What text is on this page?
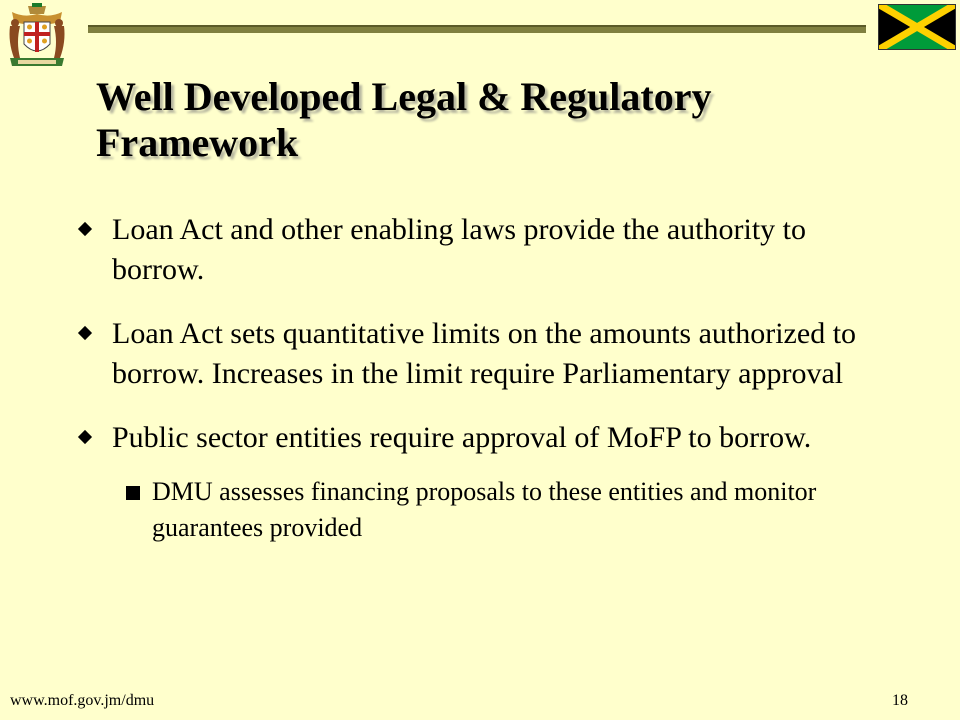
Well Developed Legal & Regulatory Framework
Loan Act and other enabling laws provide the authority to borrow.
Loan Act sets quantitative limits on the amounts authorized to borrow. Increases in the limit require Parliamentary approval
Public sector entities require approval of MoFP to borrow.
DMU assesses financing proposals to these entities and monitor guarantees provided
www.mof.gov.jm/dmu	18
